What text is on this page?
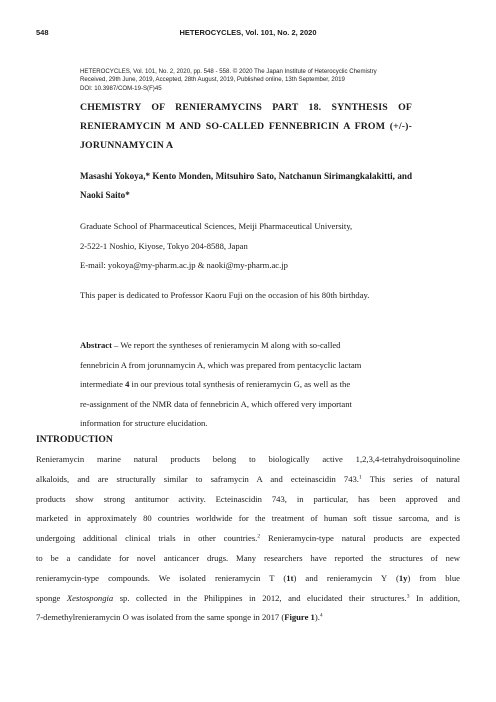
548	HETEROCYCLES, Vol. 101, No. 2, 2020
HETEROCYCLES, Vol. 101, No. 2, 2020, pp. 548 - 558. © 2020 The Japan Institute of Heterocyclic Chemistry
Received, 29th June, 2019, Accepted, 28th August, 2019, Published online, 13th September, 2019
DOI: 10.3987/COM-19-S(F)45
CHEMISTRY OF RENIERAMYCINS PART 18. SYNTHESIS OF RENIERAMYCIN M AND SO-CALLED FENNEBRICIN A FROM (+/-)-JORUNNAMYCIN A
Masashi Yokoya,* Kento Monden, Mitsuhiro Sato, Natchanun Sirimangkalakitti, and Naoki Saito*
Graduate School of Pharmaceutical Sciences, Meiji Pharmaceutical University,
2-522-1 Noshio, Kiyose, Tokyo 204-8588, Japan
E-mail: yokoya@my-pharm.ac.jp & naoki@my-pharm.ac.jp
This paper is dedicated to Professor Kaoru Fuji on the occasion of his 80th birthday.
Abstract – We report the syntheses of renieramycin M along with so-called
fennebricin A from jorunnamycin A, which was prepared from pentacyclic lactam
intermediate 4 in our previous total synthesis of renieramycin G, as well as the
re-assignment of the NMR data of fennebricin A, which offered very important
information for structure elucidation.
INTRODUCTION
Renieramycin marine natural products belong to biologically active 1,2,3,4-tetrahydroisoquinoline
alkaloids, and are structurally similar to saframycin A and ecteinascidin 743.$^1$ This series of natural
products show strong antitumor activity. Ecteinascidin 743, in particular, has been approved and
marketed in approximately 80 countries worldwide for the treatment of human soft tissue sarcoma, and is
undergoing additional clinical trials in other countries.$^2$ Renieramycin-type natural products are expected
to be a candidate for novel anticancer drugs. Many researchers have reported the structures of new
renieramycin-type compounds. We isolated renieramycin T (1t) and renieramycin Y (1y) from blue
sponge Xestospongia sp. collected in the Philippines in 2012, and elucidated their structures.$^3$ In addition,
7-demethylrenieramycin O was isolated from the same sponge in 2017 (Figure 1).$^4$
